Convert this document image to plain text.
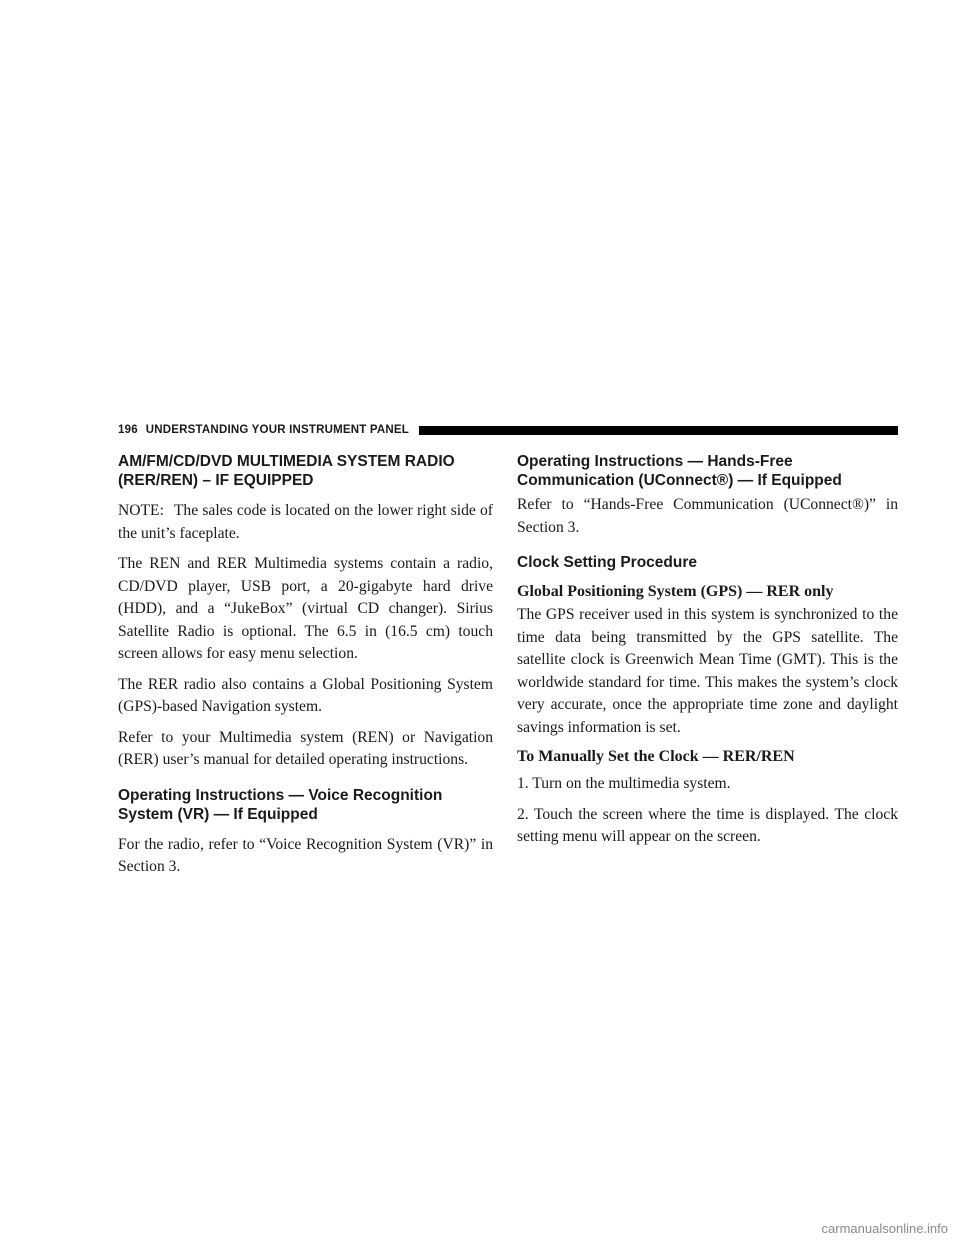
196 UNDERSTANDING YOUR INSTRUMENT PANEL
AM/FM/CD/DVD MULTIMEDIA SYSTEM RADIO (RER/REN) – IF EQUIPPED

NOTE: The sales code is located on the lower right side of the unit’s faceplate.

The REN and RER Multimedia systems contain a radio, CD/DVD player, USB port, a 20-gigabyte hard drive (HDD), and a “JukeBox” (virtual CD changer). Sirius Satellite Radio is optional. The 6.5 in (16.5 cm) touch screen allows for easy menu selection.

The RER radio also contains a Global Positioning System (GPS)-based Navigation system.

Refer to your Multimedia system (REN) or Navigation (RER) user’s manual for detailed operating instructions.

Operating Instructions — Voice Recognition System (VR) — If Equipped

For the radio, refer to “Voice Recognition System (VR)” in Section 3.

Operating Instructions — Hands-Free Communication (UConnect®) — If Equipped

Refer to “Hands-Free Communication (UConnect®)” in Section 3.

Clock Setting Procedure
Global Positioning System (GPS) — RER only

The GPS receiver used in this system is synchronized to the time data being transmitted by the GPS satellite. The satellite clock is Greenwich Mean Time (GMT). This is the worldwide standard for time. This makes the system’s clock very accurate, once the appropriate time zone and daylight savings information is set.

To Manually Set the Clock — RER/REN

1. Turn on the multimedia system.

2. Touch the screen where the time is displayed. The clock setting menu will appear on the screen.

carmanualsonline.info
